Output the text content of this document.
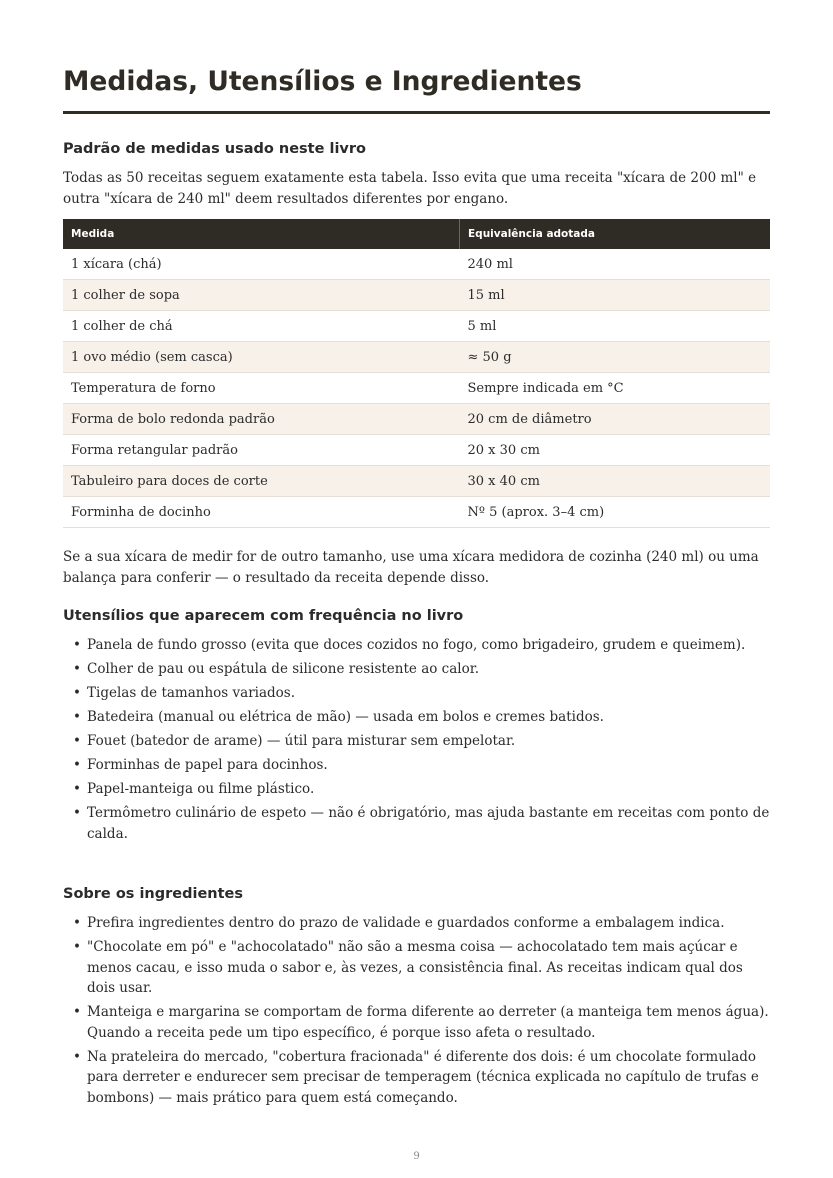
Medidas, Utensílios e Ingredientes
Padrão de medidas usado neste livro

Todas as 50 receitas seguem exatamente esta tabela. Isso evita que uma receita "xícara de 200 ml" e outra "xícara de 240 ml" deem resultados diferentes por engano.

Medida	Equivalência adotada
1 xícara (chá)	240 ml
1 colher de sopa	15 ml
1 colher de chá	5 ml
1 ovo médio (sem casca)	≈ 50 g
Temperatura de forno	Sempre indicada em °C
Forma de bolo redonda padrão	20 cm de diâmetro
Forma retangular padrão	20 x 30 cm
Tabuleiro para doces de corte	30 x 40 cm
Forminha de docinho	Nº 5 (aprox. 3–4 cm)

Se a sua xícara de medir for de outro tamanho, use uma xícara medidora de cozinha (240 ml) ou uma balança para conferir — o resultado da receita depende disso.

Utensílios que aparecem com frequência no livro
• Panela de fundo grosso (evita que doces cozidos no fogo, como brigadeiro, grudem e queimem).
• Colher de pau ou espátula de silicone resistente ao calor.
• Tigelas de tamanhos variados.
• Batedeira (manual ou elétrica de mão) — usada em bolos e cremes batidos.
• Fouet (batedor de arame) — útil para misturar sem empelotar.
• Forminhas de papel para docinhos.
• Papel-manteiga ou filme plástico.
• Termômetro culinário de espeto — não é obrigatório, mas ajuda bastante em receitas com ponto de calda.
Sobre os ingredientes
• Prefira ingredientes dentro do prazo de validade e guardados conforme a embalagem indica.
• "Chocolate em pó" e "achocolatado" não são a mesma coisa — achocolatado tem mais açúcar e menos cacau, e isso muda o sabor e, às vezes, a consistência final. As receitas indicam qual dos dois usar.
• Manteiga e margarina se comportam de forma diferente ao derreter (a manteiga tem menos água). Quando a receita pede um tipo específico, é porque isso afeta o resultado.
• Na prateleira do mercado, "cobertura fracionada" é diferente dos dois: é um chocolate formulado para derreter e endurecer sem precisar de temperagem (técnica explicada no capítulo de trufas e bombons) — mais prático para quem está começando.
9
